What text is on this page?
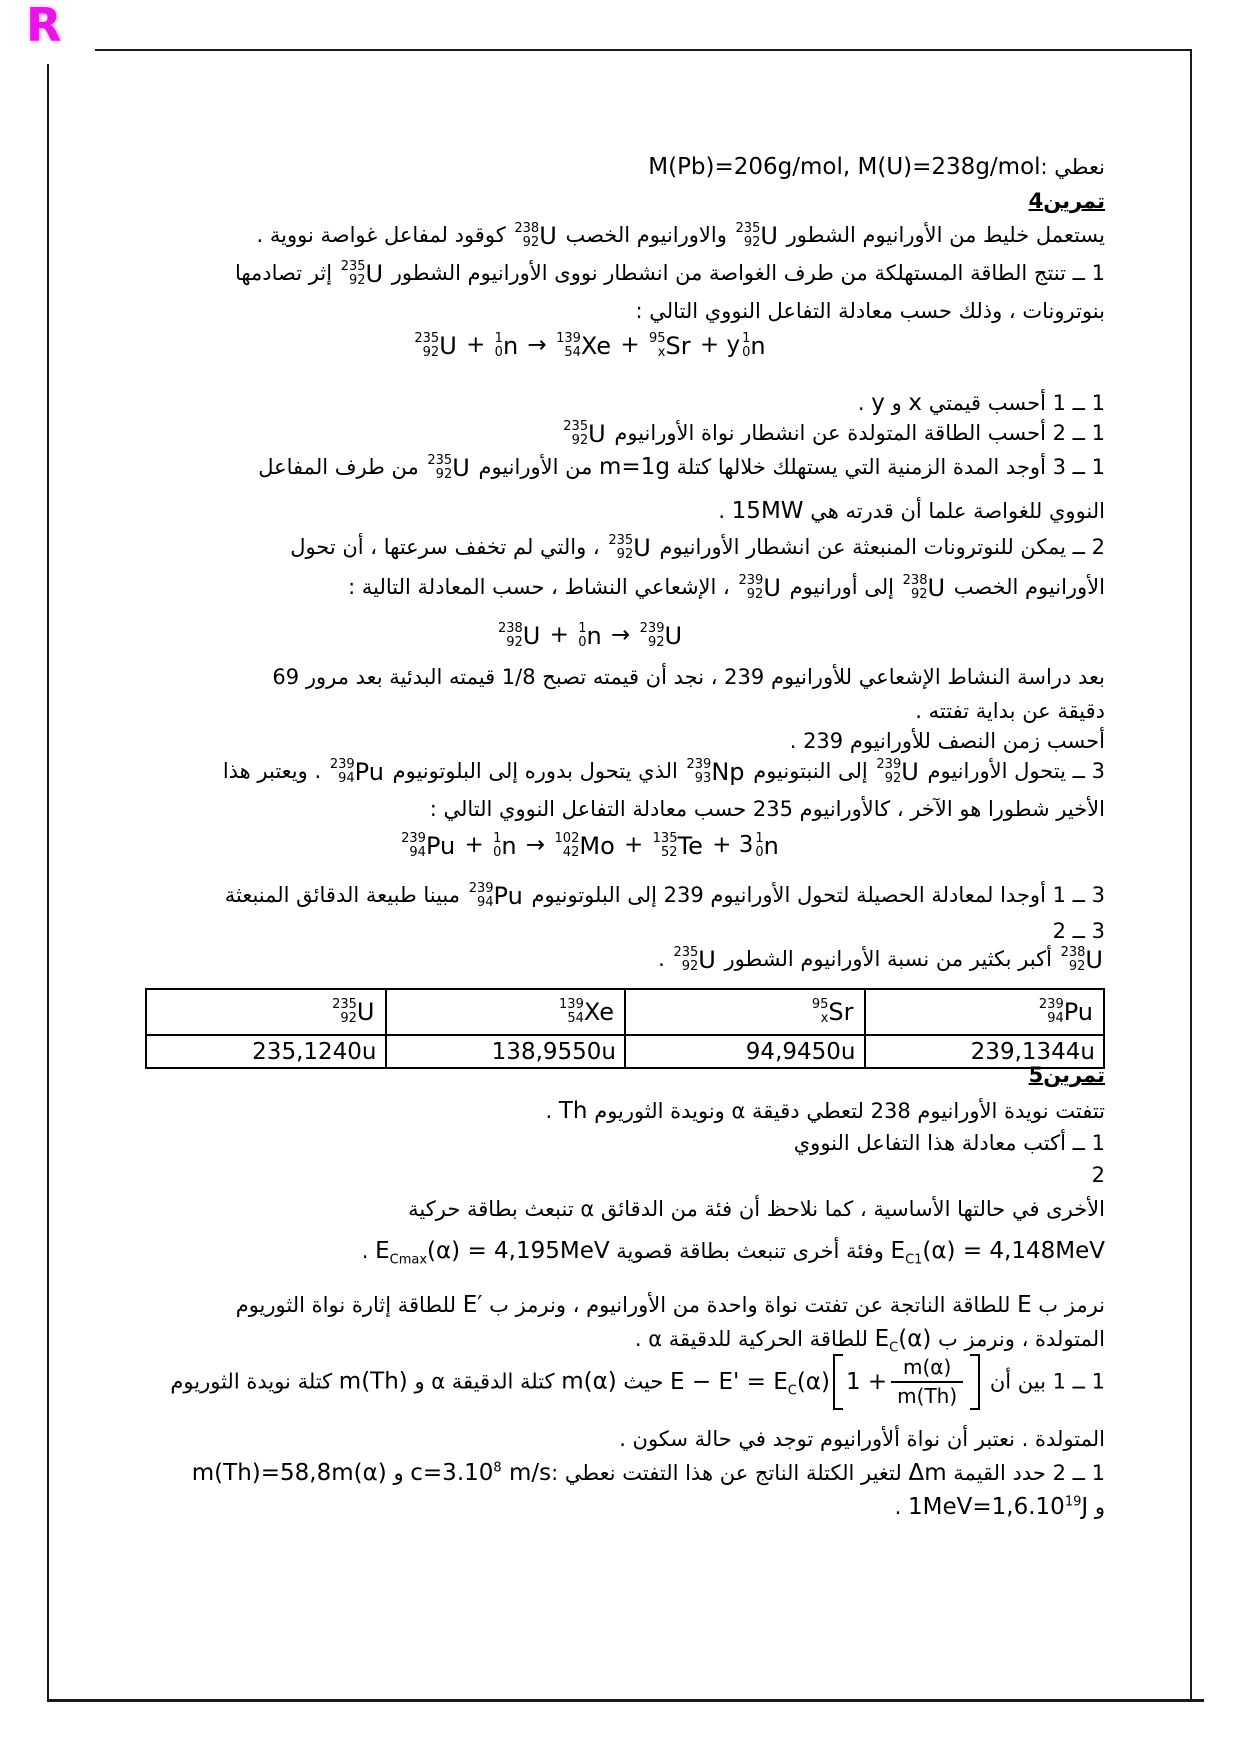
R
نعطي :M(Pb)=206g/mol, M(U)=238g/mol
تمرين4
يستعمل خليط من الأورانيوم الشطور
235
92 U
والاورانيوم الخصب
238
92 U
كوقود لمفاعل غواصة نووية .
1 ــ تنتج الطاقة المستهلكة من طرف الغواصة من انشطار نووى الأورانيوم الشطور
235
92 U
إثر تصادمها
بنوترونات ، وذلك حسب معادلة التفاعل النووي التالي :
235
92 U + 1
0 n → 139
54 Xe + 95
x Sr + y 1
0 n
1 ــ 1 أحسب قيمتي x و y .
1 ــ 2 أحسب الطاقة المتولدة عن انشطار نواة الأورانيوم
235
92 U
1 ــ 3 أوجد المدة الزمنية التي يستهلك خلالها كتلة m=1g من الأورانيوم
235
92 U
من طرف المفاعل
النووي للغواصة علما أن قدرته هي 15MW .
2 ــ يمكن للنوترونات المنبعثة عن انشطار الأورانيوم
235
92 U
، والتي لم تخفف سرعتها ، أن تحول
الأورانيوم الخصب
238
92 U
إلى أورانيوم
239
92 U
، الإشعاعي النشاط ، حسب المعادلة التالية :
238
92 U + 1
0 n → 239
92 U
بعد دراسة النشاط الإشعاعي للأورانيوم 239 ، نجد أن قيمته تصبح 1/8 قيمته البدئية بعد مرور 69
دقيقة عن بداية تفتته .
أحسب زمن النصف للأورانيوم 239 .
3 ــ يتحول الأورانيوم
239
92 U
إلى النبتونيوم
239
93 Np
الذي يتحول بدوره إلى البلوتونيوم
239
94 Pu
. ويعتبر هذا
الأخير شطورا هو الآخر ، كالأورانيوم 235 حسب معادلة التفاعل النووي التالي :
239
94 Pu + 1
0 n → 102
42 Mo + 135
52 Te + 3 1
0 n
3 ــ 1 أوجدا لمعادلة الحصيلة لتحول الأورانيوم 239 إلى البلوتونيوم
239
94 Pu
مبينا طبيعة الدقائق المنبعثة
3 ــ 2
238
92 U
أكبر بكثير من نسبة الأورانيوم الشطور
235
92 U
.
تمرين5
تتفتت نويدة الأورانيوم 238 لتعطي دقيقة α ونويدة الثوريوم Th .
1 ــ أكتب معادلة هذا التفاعل النووي
2
الأخرى في حالتها الأساسية ، كما نلاحظ أن فئة من الدقائق α تنبعث بطاقة حركية
$E_{C1}(\alpha) = 4,148MeV$ وفئة أخرى تنبعث بطاقة قصوية $E_{Cmax}(\alpha) = 4,195MeV$ .
نرمز ب E للطاقة الناتجة عن تفتت نواة واحدة من الأورانيوم ، ونرمز ب E′ للطاقة إثارة نواة الثوريوم
المتولدة ، ونرمز ب $E_C(\alpha)$ للطاقة الحركية للدقيقة α .
1 ــ 1 بين أن $E - E' = E_C(\alpha) 1 + \frac{m(\alpha)}{m(Th)}$
حيث m(α) كتلة الدقيقة α و m(Th) كتلة نويدة الثوريوم
المتولدة . نعتبر أن نواة ألأورانيوم توجد في حالة سكون .
1 ــ 2 حدد القيمة Δm لتغير الكتلة الناتج عن هذا التفتت نعطي $:c=3.10^8$ m/s و m(Th)=58,8m(α)
و $1MeV=1,6.10^{19}J$ .
235
92 U	139
54 Xe	95
x Sr	239
94 Pu

235,1240u	138,9550u	94,9450u	239,1344u
